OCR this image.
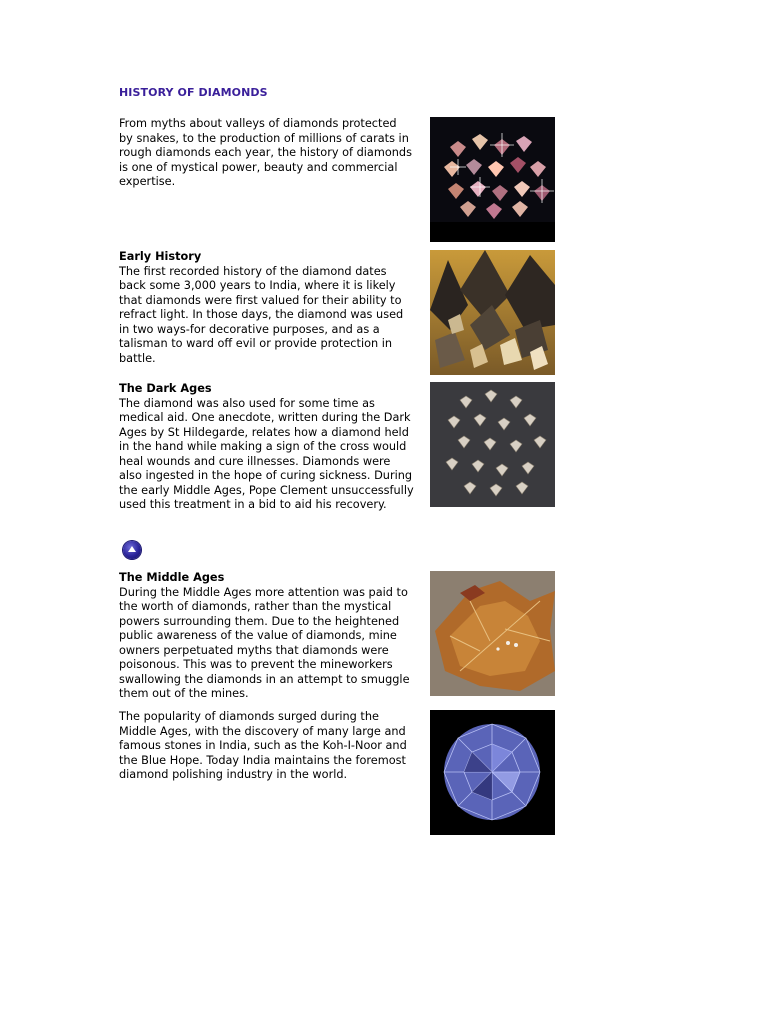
HISTORY OF DIAMONDS
From myths about valleys of diamonds protected by snakes, to the production of millions of carats in rough diamonds each year, the history of diamonds is one of mystical power, beauty and commercial expertise.
Early History
The first recorded history of the diamond dates back some 3,000 years to India, where it is likely that diamonds were first valued for their ability to refract light. In those days, the diamond was used in two ways-for decorative purposes, and as a talisman to ward off evil or provide protection in battle.
The Dark Ages
The diamond was also used for some time as medical aid. One anecdote, written during the Dark Ages by St Hildegarde, relates how a diamond held in the hand while making a sign of the cross would heal wounds and cure illnesses. Diamonds were also ingested in the hope of curing sickness. During the early Middle Ages, Pope Clement unsuccessfully used this treatment in a bid to aid his recovery.
The Middle Ages
During the Middle Ages more attention was paid to the worth of diamonds, rather than the mystical powers surrounding them. Due to the heightened public awareness of the value of diamonds, mine owners perpetuated myths that diamonds were poisonous. This was to prevent the mineworkers swallowing the diamonds in an attempt to smuggle them out of the mines.
The popularity of diamonds surged during the Middle Ages, with the discovery of many large and famous stones in India, such as the Koh-I-Noor and the Blue Hope. Today India maintains the foremost diamond polishing industry in the world.
